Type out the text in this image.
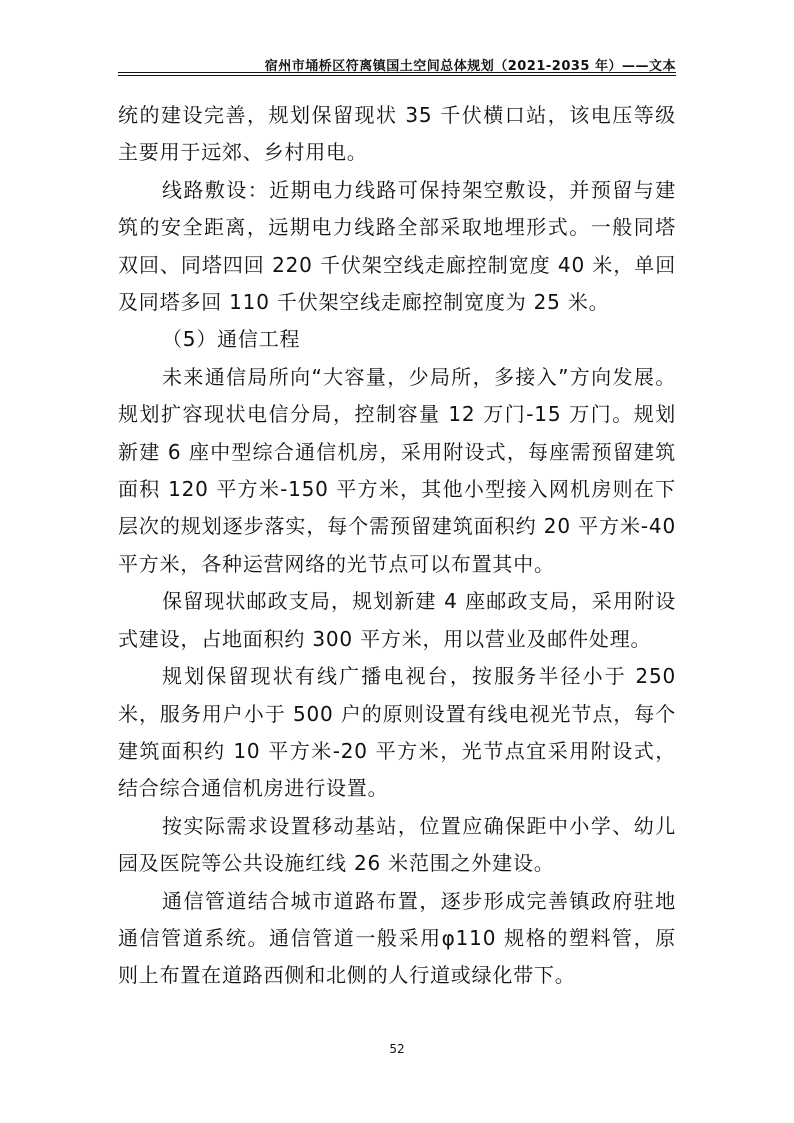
宿州市埇桥区符离镇国土空间总体规划（2021-2035 年）——文本

统的建设完善，规划保留现状 35 千伏横口站，该电压等级主要用于远郊、乡村用电。

线路敷设：近期电力线路可保持架空敷设，并预留与建筑的安全距离，远期电力线路全部采取地埋形式。一般同塔双回、同塔四回 220 千伏架空线走廊控制宽度 40 米，单回及同塔多回 110 千伏架空线走廊控制宽度为 25 米。

（5）通信工程

未来通信局所向“大容量，少局所，多接入”方向发展。规划扩容现状电信分局，控制容量 12 万门-15 万门。规划新建 6 座中型综合通信机房，采用附设式，每座需预留建筑面积 120 平方米-150 平方米，其他小型接入网机房则在下层次的规划逐步落实，每个需预留建筑面积约 20 平方米-40 平方米，各种运营网络的光节点可以布置其中。

保留现状邮政支局，规划新建 4 座邮政支局，采用附设式建设，占地面积约 300 平方米，用以营业及邮件处理。

规划保留现状有线广播电视台，按服务半径小于 250 米，服务用户小于 500 户的原则设置有线电视光节点，每个建筑面积约 10 平方米-20 平方米，光节点宜采用附设式，结合综合通信机房进行设置。

按实际需求设置移动基站，位置应确保距中小学、幼儿园及医院等公共设施红线 26 米范围之外建设。

通信管道结合城市道路布置，逐步形成完善镇政府驻地通信管道系统。通信管道一般采用φ110 规格的塑料管，原则上布置在道路西侧和北侧的人行道或绿化带下。

52
